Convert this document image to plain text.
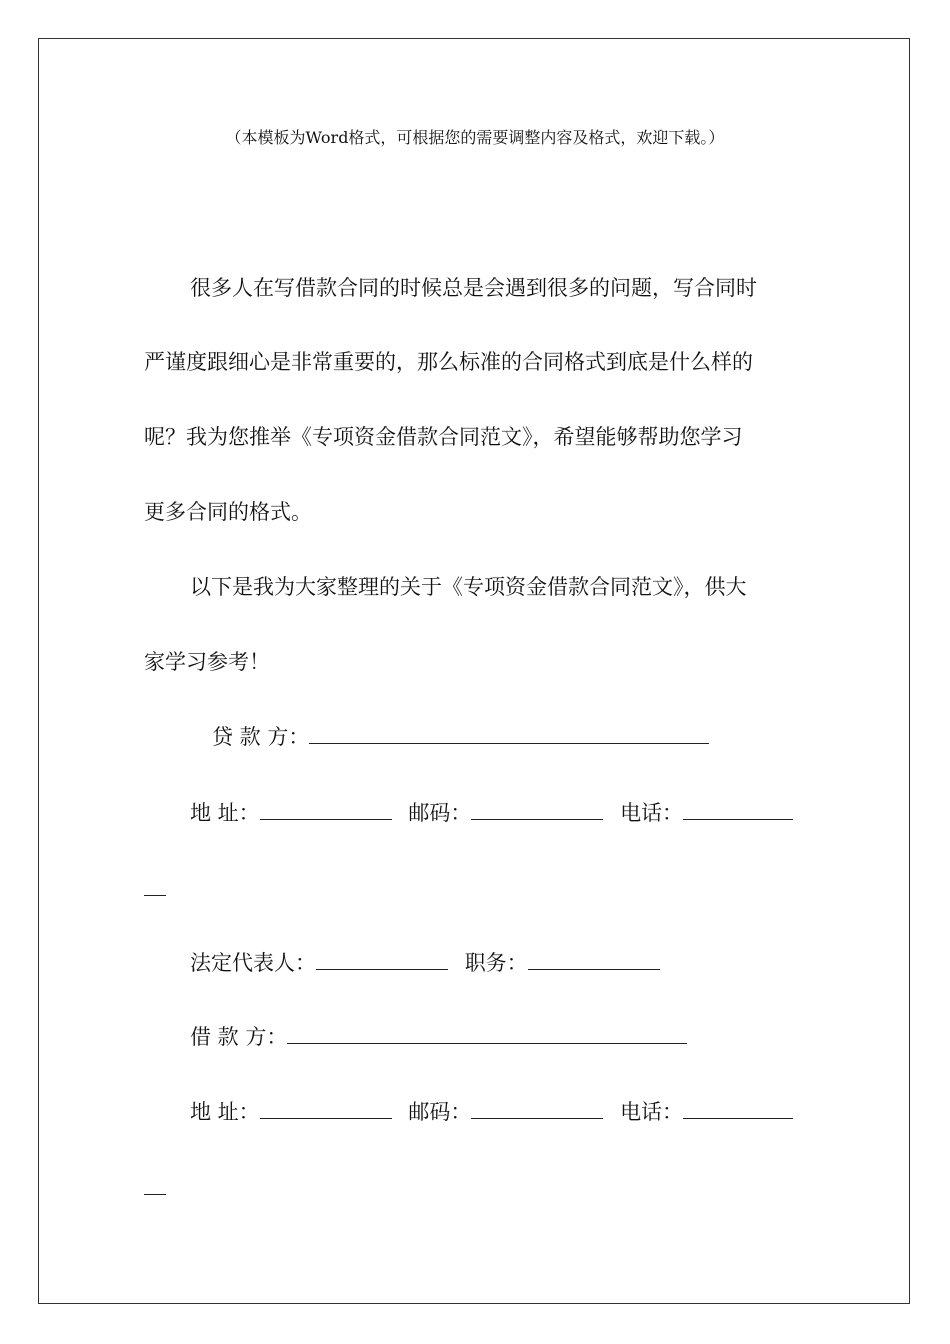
（本模板为Word格式，可根据您的需要调整内容及格式，欢迎下载。）
很多人在写借款合同的时候总是会遇到很多的问题，写合同时
严谨度跟细心是非常重要的，那么标准的合同格式到底是什么样的
呢？我为您推举《专项资金借款合同范文》，希望能够帮助您学习
更多合同的格式。
以下是我为大家整理的关于《专项资金借款合同范文》，供大
家学习参考！
贷 款 方：
地 址：	邮码：	电话：
法定代表人：	职务：
借 款 方：
地 址：	邮码：	电话：
